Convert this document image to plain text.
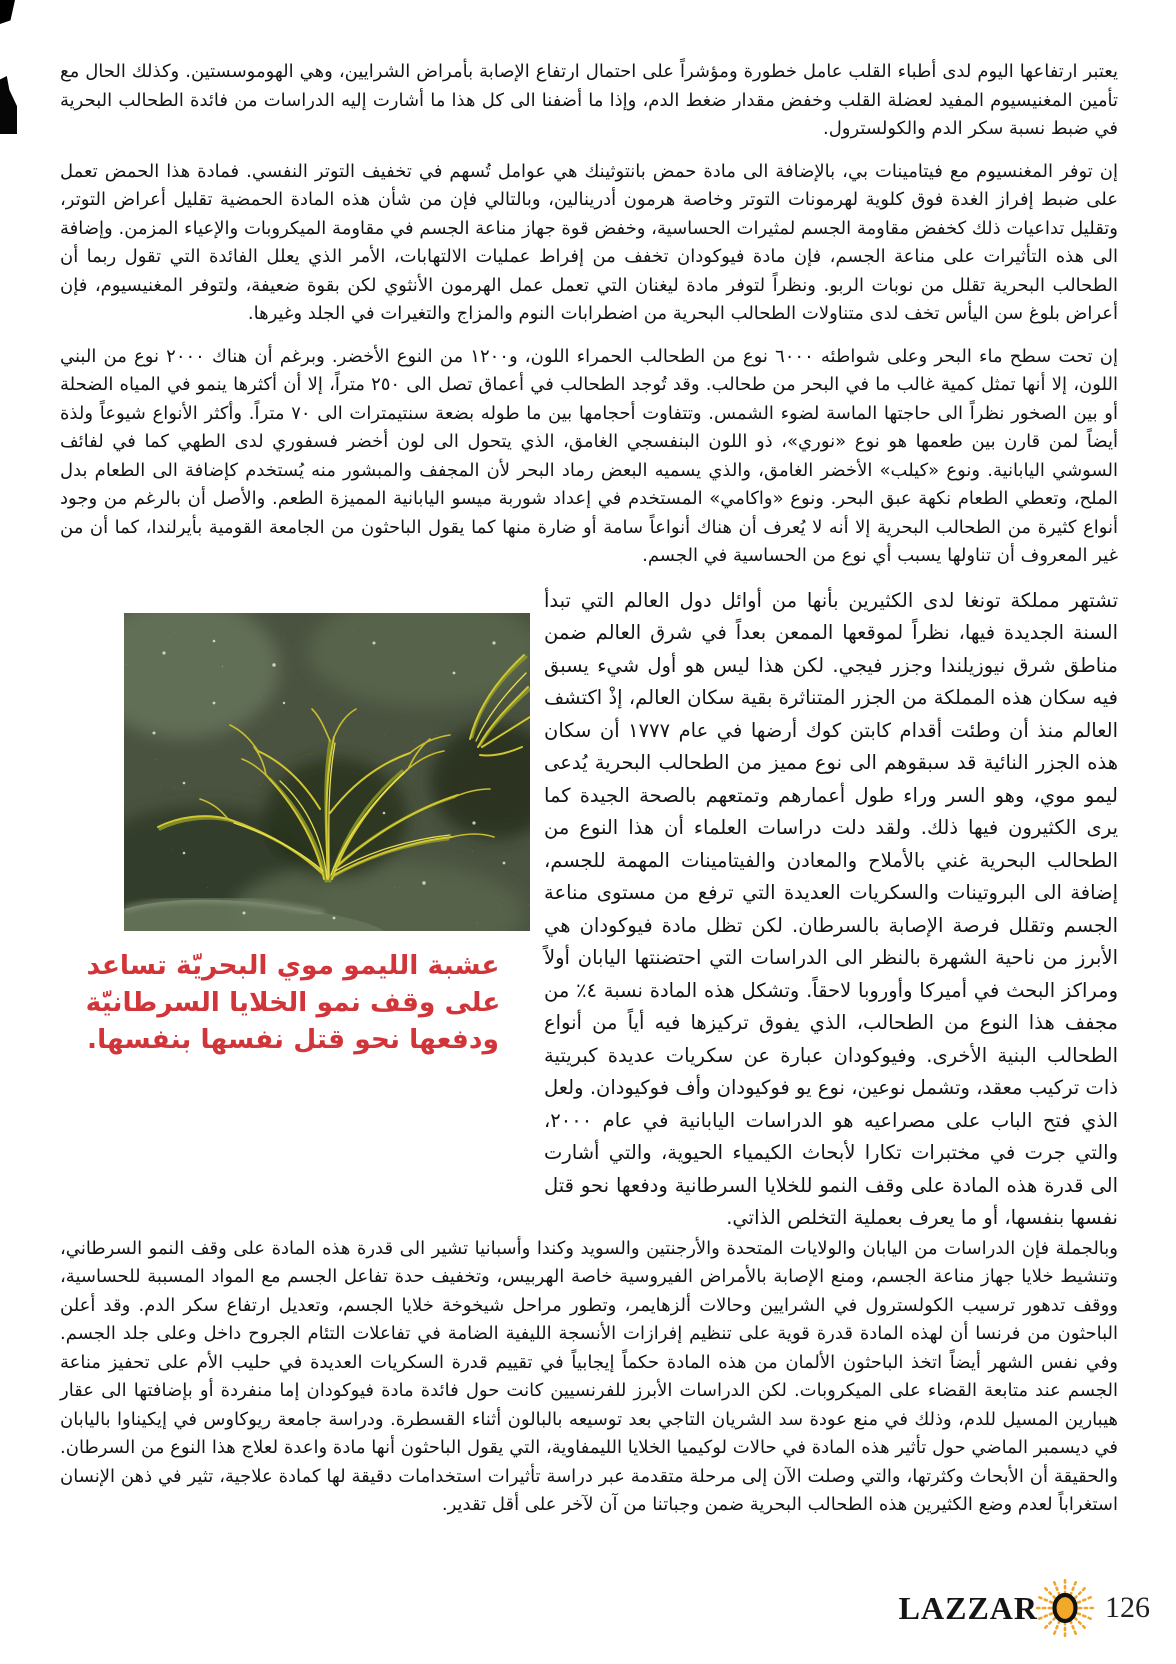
يعتبر ارتفاعها اليوم لدى أطباء القلب عامل خطورة ومؤشراً على احتمال ارتفاع الإصابة بأمراض الشرايين، وهي الهوموسستين. وكذلك الحال مع تأمين المغنيسيوم المفيد لعضلة القلب وخفض مقدار ضغط الدم، وإذا ما أضفنا الى كل هذا ما أشارت إليه الدراسات من فائدة الطحالب البحرية في ضبط نسبة سكر الدم والكولسترول.

إن توفر المغنسيوم مع فيتامينات بي، بالإضافة الى مادة حمض بانتوثينك هي عوامل تُسهم في تخفيف التوتر النفسي. فمادة هذا الحمض تعمل على ضبط إفراز الغدة فوق كلوية لهرمونات التوتر وخاصة هرمون أدرينالين، وبالتالي فإن من شأن هذه المادة الحمضية تقليل أعراض التوتر، وتقليل تداعيات ذلك كخفض مقاومة الجسم لمثيرات الحساسية، وخفض قوة جهاز مناعة الجسم في مقاومة الميكروبات والإعياء المزمن. وإضافة الى هذه التأثيرات على مناعة الجسم، فإن مادة فيوكودان تخفف من إفراط عمليات الالتهابات، الأمر الذي يعلل الفائدة التي تقول ربما أن الطحالب البحرية تقلل من نوبات الربو. ونظراً لتوفر مادة ليغنان التي تعمل عمل الهرمون الأنثوي لكن بقوة ضعيفة، ولتوفر المغنيسيوم، فإن أعراض بلوغ سن اليأس تخف لدى متناولات الطحالب البحرية من اضطرابات النوم والمزاج والتغيرات في الجلد وغيرها.

إن تحت سطح ماء البحر وعلى شواطئه ٦٠٠٠ نوع من الطحالب الحمراء اللون، و١٢٠٠ من النوع الأخضر. وبرغم أن هناك ٢٠٠٠ نوع من البني اللون، إلا أنها تمثل كمية غالب ما في البحر من طحالب. وقد تُوجد الطحالب في أعماق تصل الى ٢٥٠ متراً، إلا أن أكثرها ينمو في المياه الضحلة أو بين الصخور نظراً الى حاجتها الماسة لضوء الشمس. وتتفاوت أحجامها بين ما طوله بضعة سنتيمترات الى ٧٠ متراً. وأكثر الأنواع شيوعاً ولذة أيضاً لمن قارن بين طعمها هو نوع «نوري»، ذو اللون البنفسجي الغامق، الذي يتحول الى لون أخضر فسفوري لدى الطهي كما في لفائف السوشي اليابانية. ونوع «كيلب» الأخضر الغامق، والذي يسميه البعض رماد البحر لأن المجفف والمبشور منه يُستخدم كإضافة الى الطعام بدل الملح، وتعطي الطعام نكهة عبق البحر. ونوع «واكامي» المستخدم في إعداد شوربة ميسو اليابانية المميزة الطعم. والأصل أن بالرغم من وجود أنواع كثيرة من الطحالب البحرية إلا أنه لا يُعرف أن هناك أنواعاً سامة أو ضارة منها كما يقول الباحثون من الجامعة القومية بأيرلندا، كما أن من غير المعروف أن تناولها يسبب أي نوع من الحساسية في الجسم.

تشتهر مملكة تونغا لدى الكثيرين بأنها من أوائل دول العالم التي تبدأ السنة الجديدة فيها، نظراً لموقعها الممعن بعداً في شرق العالم ضمن مناطق شرق نيوزيلندا وجزر فيجي. لكن هذا ليس هو أول شيء يسبق فيه سكان هذه المملكة من الجزر المتناثرة بقية سكان العالم، إذْ اكتشف العالم منذ أن وطئت أقدام كابتن كوك أرضها في عام ١٧٧٧ أن سكان هذه الجزر النائية قد سبقوهم الى نوع مميز من الطحالب البحرية يُدعى ليمو موي، وهو السر وراء طول أعمارهم وتمتعهم بالصحة الجيدة كما يرى الكثيرون فيها ذلك. ولقد دلت دراسات العلماء أن هذا النوع من الطحالب البحرية غني بالأملاح والمعادن والفيتامينات المهمة للجسم، إضافة الى البروتينات والسكريات العديدة التي ترفع من مستوى مناعة الجسم وتقلل فرصة الإصابة بالسرطان. لكن تظل مادة فيوكودان هي الأبرز من ناحية الشهرة بالنظر الى الدراسات التي احتضنتها اليابان أولاً ومراكز البحث في أميركا وأوروبا لاحقاً. وتشكل هذه المادة نسبة ٤٪ من مجفف هذا النوع من الطحالب، الذي يفوق تركيزها فيه أياً من أنواع الطحالب البنية الأخرى. وفيوكودان عبارة عن سكريات عديدة كبريتية ذات تركيب معقد، وتشمل نوعين، نوع يو فوكيودان وأف فوكيودان. ولعل الذي فتح الباب على مصراعيه هو الدراسات اليابانية في عام ٢٠٠٠، والتي جرت في مختبرات تكارا لأبحاث الكيمياء الحيوية، والتي أشارت الى قدرة هذه المادة على وقف النمو للخلايا السرطانية ودفعها نحو قتل نفسها بنفسها، أو ما يعرف بعملية التخلص الذاتي.
عشبة الليمو موي البحريّة تساعد على وقف نمو الخلايا السرطانيّة ودفعها نحو قتل نفسها بنفسها.

وبالجملة فإن الدراسات من اليابان والولايات المتحدة والأرجنتين والسويد وكندا وأسبانيا تشير الى قدرة هذه المادة على وقف النمو السرطاني، وتنشيط خلايا جهاز مناعة الجسم، ومنع الإصابة بالأمراض الفيروسية خاصة الهربيس، وتخفيف حدة تفاعل الجسم مع المواد المسببة للحساسية، ووقف تدهور ترسيب الكولسترول في الشرايين وحالات ألزهايمر، وتطور مراحل شيخوخة خلايا الجسم، وتعديل ارتفاع سكر الدم. وقد أعلن الباحثون من فرنسا أن لهذه المادة قدرة قوية على تنظيم إفرازات الأنسجة الليفية الضامة في تفاعلات التئام الجروح داخل وعلى جلد الجسم. وفي نفس الشهر أيضاً اتخذ الباحثون الألمان من هذه المادة حكماً إيجابياً في تقييم قدرة السكريات العديدة في حليب الأم على تحفيز مناعة الجسم عند متابعة القضاء على الميكروبات. لكن الدراسات الأبرز للفرنسيين كانت حول فائدة مادة فيوكودان إما منفردة أو بإضافتها الى عقار هيبارين المسيل للدم، وذلك في منع عودة سد الشريان التاجي بعد توسيعه بالبالون أثناء القسطرة. ودراسة جامعة ريوكاوس في إيكيناوا باليابان في ديسمبر الماضي حول تأثير هذه المادة في حالات لوكيميا الخلايا الليمفاوية، التي يقول الباحثون أنها مادة واعدة لعلاج هذا النوع من السرطان. والحقيقة أن الأبحاث وكثرتها، والتي وصلت الآن إلى مرحلة متقدمة عبر دراسة تأثيرات استخدامات دقيقة لها كمادة علاجية، تثير في ذهن الإنسان استغراباً لعدم وضع الكثيرين هذه الطحالب البحرية ضمن وجباتنا من آن لآخر على أقل تقدير.

LAZZAR 126
